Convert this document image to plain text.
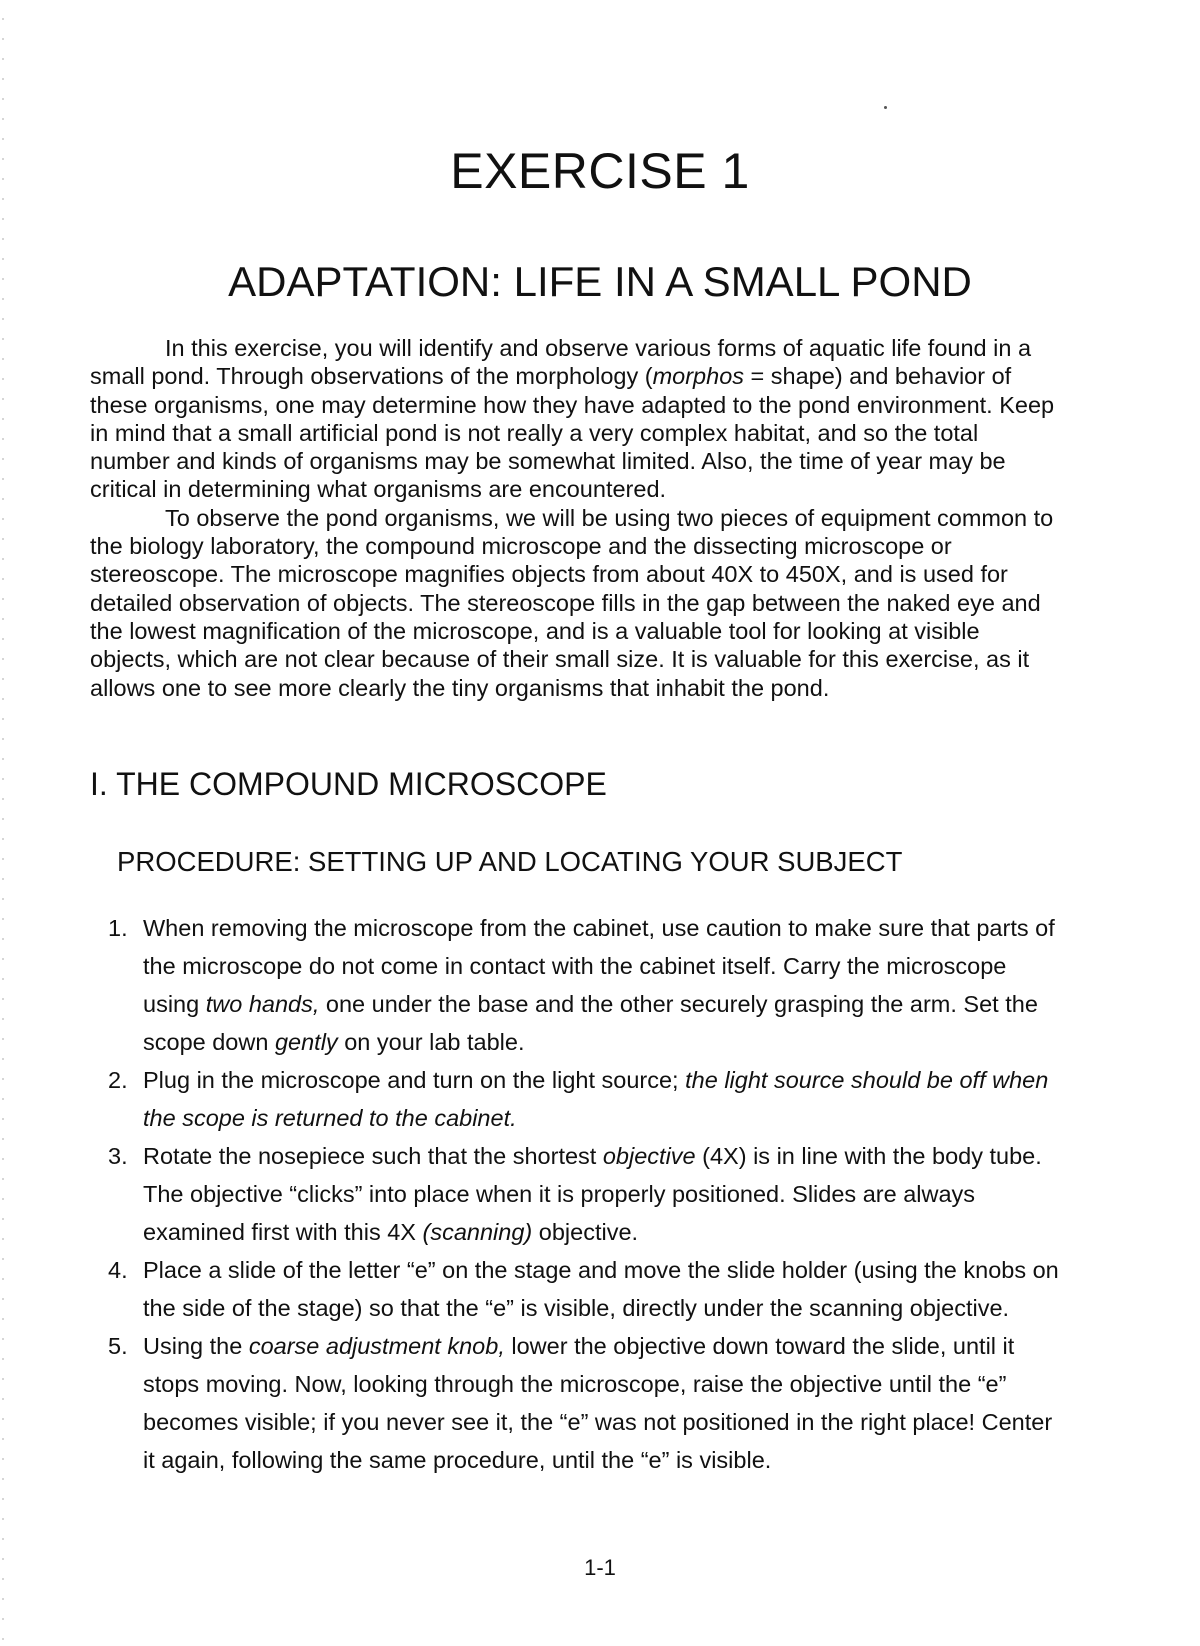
EXERCISE 1
ADAPTATION: LIFE IN A SMALL POND

In this exercise, you will identify and observe various forms of aquatic life found in a small pond. Through observations of the morphology (morphos = shape) and behavior of these organisms, one may determine how they have adapted to the pond environment. Keep in mind that a small artificial pond is not really a very complex habitat, and so the total number and kinds of organisms may be somewhat limited. Also, the time of year may be critical in determining what organisms are encountered.

To observe the pond organisms, we will be using two pieces of equipment common to the biology laboratory, the compound microscope and the dissecting microscope or stereoscope. The microscope magnifies objects from about 40X to 450X, and is used for detailed observation of objects. The stereoscope fills in the gap between the naked eye and the lowest magnification of the microscope, and is a valuable tool for looking at visible objects, which are not clear because of their small size. It is valuable for this exercise, as it allows one to see more clearly the tiny organisms that inhabit the pond.

I. THE COMPOUND MICROSCOPE
PROCEDURE: SETTING UP AND LOCATING YOUR SUBJECT
1. When removing the microscope from the cabinet, use caution to make sure that parts of the microscope do not come in contact with the cabinet itself. Carry the microscope using two hands, one under the base and the other securely grasping the arm. Set the scope down gently on your lab table.
2. Plug in the microscope and turn on the light source; the light source should be off when the scope is returned to the cabinet.
3. Rotate the nosepiece such that the shortest objective (4X) is in line with the body tube. The objective “clicks” into place when it is properly positioned. Slides are always examined first with this 4X (scanning) objective.
4. Place a slide of the letter “e” on the stage and move the slide holder (using the knobs on the side of the stage) so that the “e” is visible, directly under the scanning objective.
5. Using the coarse adjustment knob, lower the objective down toward the slide, until it stops moving. Now, looking through the microscope, raise the objective until the “e” becomes visible; if you never see it, the “e” was not positioned in the right place! Center it again, following the same procedure, until the “e” is visible.
1-1
